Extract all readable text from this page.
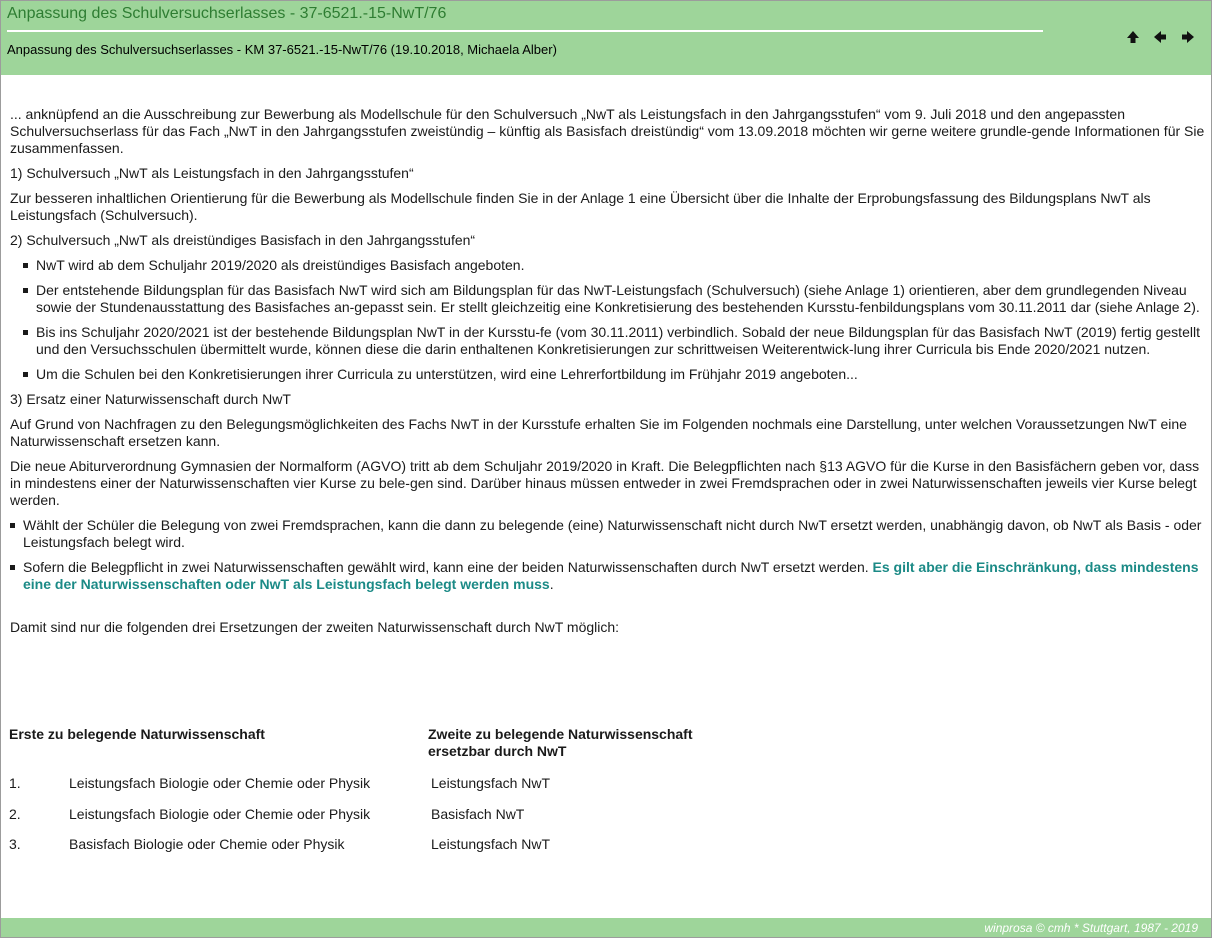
Anpassung des Schulversuchserlasses - 37-6521.-15-NwT/76
Anpassung des Schulversuchserlasses - KM 37-6521.-15-NwT/76 (19.10.2018, Michaela Alber)

... anknüpfend an die Ausschreibung zur Bewerbung als Modellschule für den Schulversuch „NwT als Leistungsfach in den Jahrgangsstufen“ vom 9. Juli 2018 und den angepassten Schulversuchserlass für das Fach „NwT in den Jahrgangsstufen zweistündig – künftig als Basisfach dreistündig“ vom 13.09.2018 möchten wir gerne weitere grundle-gende Informationen für Sie zusammenfassen.

1) Schulversuch „NwT als Leistungsfach in den Jahrgangsstufen“

Zur besseren inhaltlichen Orientierung für die Bewerbung als Modellschule finden Sie in der Anlage 1 eine Übersicht über die Inhalte der Erprobungsfassung des Bildungsplans NwT als Leistungsfach (Schulversuch).

2) Schulversuch „NwT als dreistündiges Basisfach in den Jahrgangsstufen“

NwT wird ab dem Schuljahr 2019/2020 als dreistündiges Basisfach angeboten.
Der entstehende Bildungsplan für das Basisfach NwT wird sich am Bildungsplan für das NwT-Leistungsfach (Schulversuch) (siehe Anlage 1) orientieren, aber dem grundlegenden Niveau sowie der Stundenausstattung des Basisfaches an-gepasst sein. Er stellt gleichzeitig eine Konkretisierung des bestehenden Kursstu-fenbildungsplans vom 30.11.2011 dar (siehe Anlage 2).
Bis ins Schuljahr 2020/2021 ist der bestehende Bildungsplan NwT in der Kursstu-fe (vom 30.11.2011) verbindlich. Sobald der neue Bildungsplan für das Basisfach NwT (2019) fertig gestellt und den Versuchsschulen übermittelt wurde, können diese die darin enthaltenen Konkretisierungen zur schrittweisen Weiterentwick-lung ihrer Curricula bis Ende 2020/2021 nutzen.
Um die Schulen bei den Konkretisierungen ihrer Curricula zu unterstützen, wird eine Lehrerfortbildung im Frühjahr 2019 angeboten...

3) Ersatz einer Naturwissenschaft durch NwT

Auf Grund von Nachfragen zu den Belegungsmöglichkeiten des Fachs NwT in der Kursstufe erhalten Sie im Folgenden nochmals eine Darstellung, unter welchen Voraussetzungen NwT eine Naturwissenschaft ersetzen kann.

Die neue Abiturverordnung Gymnasien der Normalform (AGVO) tritt ab dem Schuljahr 2019/2020 in Kraft. Die Belegpflichten nach §13 AGVO für die Kurse in den Basisfächern geben vor, dass in mindestens einer der Naturwissenschaften vier Kurse zu bele-gen sind. Darüber hinaus müssen entweder in zwei Fremdsprachen oder in zwei Naturwissenschaften jeweils vier Kurse belegt werden.

Wählt der Schüler die Belegung von zwei Fremdsprachen, kann die dann zu belegende (eine) Naturwissenschaft nicht durch NwT ersetzt werden, unabhängig davon, ob NwT als Basis - oder Leistungsfach belegt wird.
Sofern die Belegpflicht in zwei Naturwissenschaften gewählt wird, kann eine der beiden Naturwissenschaften durch NwT ersetzt werden. Es gilt aber die Einschränkung, dass mindestens eine der Naturwissenschaften oder NwT als Leistungsfach belegt werden muss.

Damit sind nur die folgenden drei Ersetzungen der zweiten Naturwissenschaft durch NwT möglich:

Erste zu belegende Naturwissenschaft	Zweite zu belegende Naturwissenschaft
ersetzbar durch NwT
1.	Leistungsfach Biologie oder Chemie oder Physik	Leistungsfach NwT
2.	Leistungsfach Biologie oder Chemie oder Physik	Basisfach NwT
3.	Basisfach Biologie oder Chemie oder Physik	Leistungsfach NwT
winprosa © cmh * Stuttgart, 1987 - 2019
